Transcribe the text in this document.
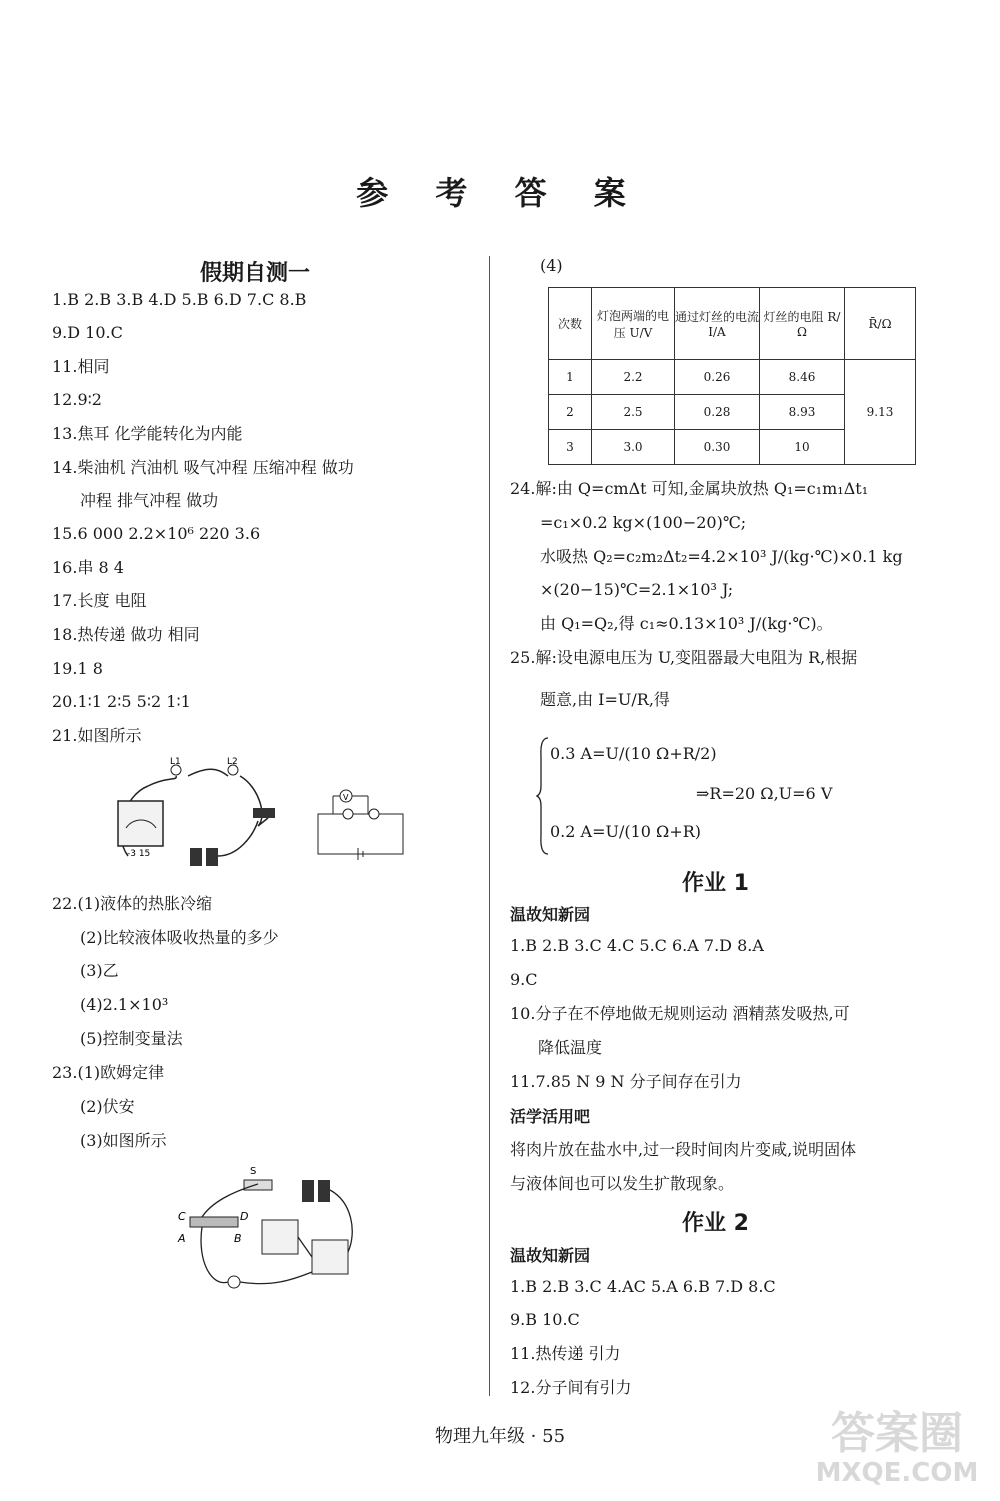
参 考 答 案
假期自测一
1.B 2.B 3.B 4.D 5.B 6.D 7.C 8.B
9.D 10.C
11.相同
12.9∶2
13.焦耳 化学能转化为内能
14.柴油机 汽油机 吸气冲程 压缩冲程 做功
冲程 排气冲程 做功
15.6 000 2.2×10⁶ 220 3.6
16.串 8 4
17.长度 电阻
18.热传递 做功 相同
19.1 8
20.1∶1 2∶5 5∶2 1∶1
21.如图所示
-3 15
L1	L2
V
22.(1)液体的热胀冷缩
(2)比较液体吸收热量的多少
(3)乙
(4)2.1×10³
(5)控制变量法
23.(1)欧姆定律
(2)伏安
(3)如图所示
S
C	D
A	B
(4)
次数	灯泡两端的电压 U/V	通过灯丝的电流 I/A	灯丝的电阻 R/Ω	R̄/Ω
1	2.2	0.26	8.46	9.13
2	2.5	0.28	8.93	
3	3.0	0.30	10	
24.解:由 Q=cmΔt 可知,金属块放热 Q₁=c₁m₁Δt₁
=c₁×0.2 kg×(100−20)℃;
水吸热 Q₂=c₂m₂Δt₂=4.2×10³ J/(kg·℃)×0.1 kg
×(20−15)℃=2.1×10³ J;
由 Q₁=Q₂,得 c₁≈0.13×10³ J/(kg·℃)。
25.解:设电源电压为 U,变阻器最大电阻为 R,根据
题意,由 I=U/R,得
0.3 A=U/(10 Ω+R/2)
⇒R=20 Ω,U=6 V
0.2 A=U/(10 Ω+R)
作业 1
温故知新园
1.B 2.B 3.C 4.C 5.C 6.A 7.D 8.A
9.C
10.分子在不停地做无规则运动 酒精蒸发吸热,可
降低温度
11.7.85 N 9 N 分子间存在引力
活学活用吧
将肉片放在盐水中,过一段时间肉片变咸,说明固体
与液体间也可以发生扩散现象。
作业 2
温故知新园
1.B 2.B 3.C 4.AC 5.A 6.B 7.D 8.C
9.B 10.C
11.热传递 引力
12.分子间有引力
物理九年级 · 55	答案圈
MXQE.COM
